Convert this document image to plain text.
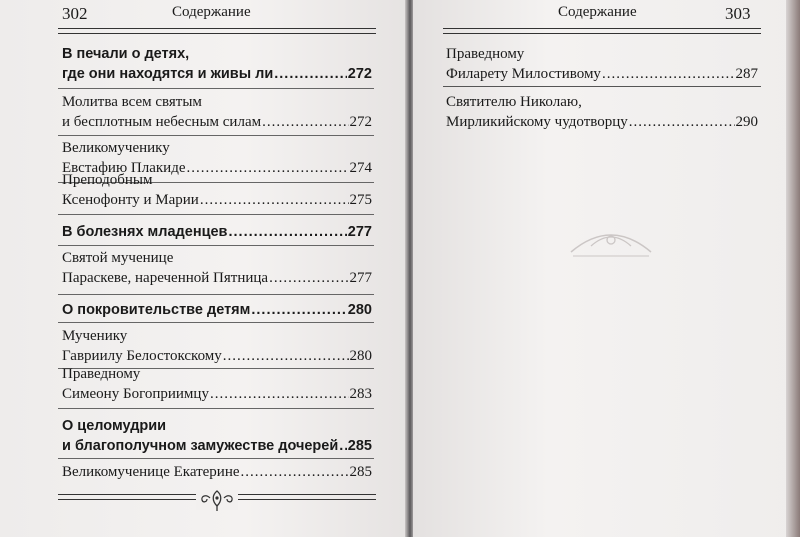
302	Содержание

В печали о детях,
где они находятся и живы ли .....	272
Молитва всем святым
и бесплотным небесным силам .....	272
Великомученику
Евстафию Плакиде .....	274
Преподобным
Ксенофонту и Марии .....	275
В болезнях младенцев .....	277
Святой мученице
Параскеве, нареченной Пятница .....	277
О покровительстве детям .....	280
Мученику
Гавриилу Белостокскому .....	280
Праведному
Симеону Богоприимцу .....	283
О целомудрии
и благополучном замужестве дочерей ..... 285
Великомученице Екатерине .....	285
Содержание	303
Праведному
Филарету Милостивому .....	287
Святителю Николаю,
Мирликийскому чудотворцу .....	290
